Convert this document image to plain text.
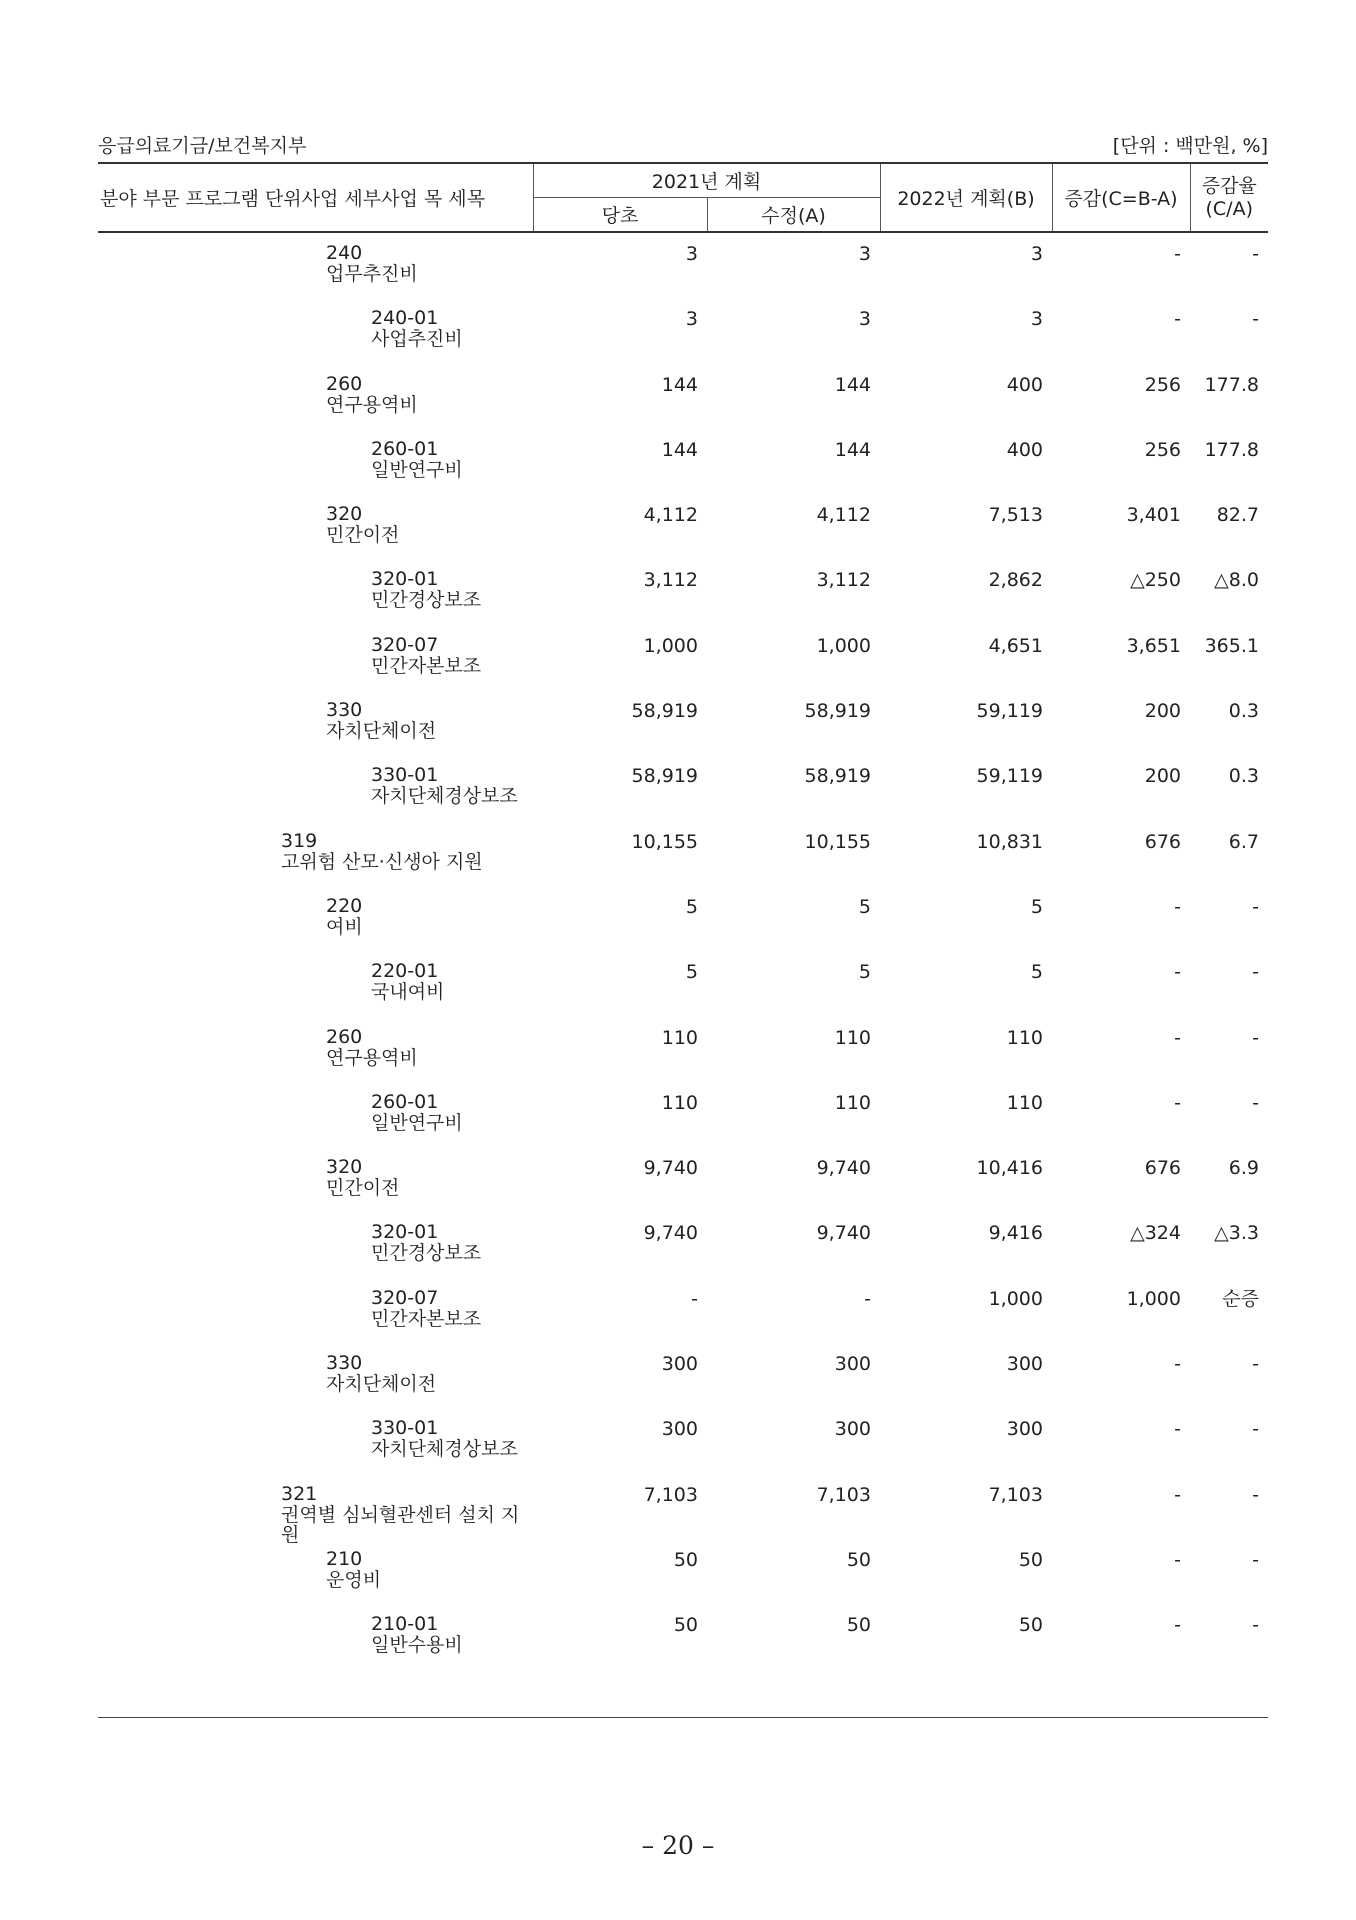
응급의료기금/보건복지부	[단위 : 백만원, %]
분야 부문 프로그램 단위사업 세부사업 목 세목	2021년 계획		2022년 계획(B)	증감(C=B-A)	증감율
(C/A)
	당초	수정(A)			

240
업무추진비	3	3	3	-	-

240-01
사업추진비	3	3	3	-	-

260
연구용역비	144	144	400	256	177.8

260-01
일반연구비	144	144	400	256	177.8

320
민간이전	4,112	4,112	7,513	3,401	82.7

320-01
민간경상보조	3,112	3,112	2,862	△250	△8.0

320-07
민간자본보조	1,000	1,000	4,651	3,651	365.1

330
자치단체이전	58,919	58,919	59,119	200	0.3

330-01
자치단체경상보조	58,919	58,919	59,119	200	0.3

319
고위험 산모·신생아 지원	10,155	10,155	10,831	676	6.7

220
여비	5	5	5	-	-

220-01
국내여비	5	5	5	-	-

260
연구용역비	110	110	110	-	-

260-01
일반연구비	110	110	110	-	-

320
민간이전	9,740	9,740	10,416	676	6.9

320-01
민간경상보조	9,740	9,740	9,416	△324	△3.3

320-07
민간자본보조	-	-	1,000	1,000	순증

330
자치단체이전	300	300	300	-	-

330-01
자치단체경상보조	300	300	300	-	-

321
권역별 심뇌혈관센터 설치 지원	7,103	7,103	7,103	-	-

210
운영비	50	50	50	-	-

210-01
일반수용비	50	50	50	-	-
– 20 –
